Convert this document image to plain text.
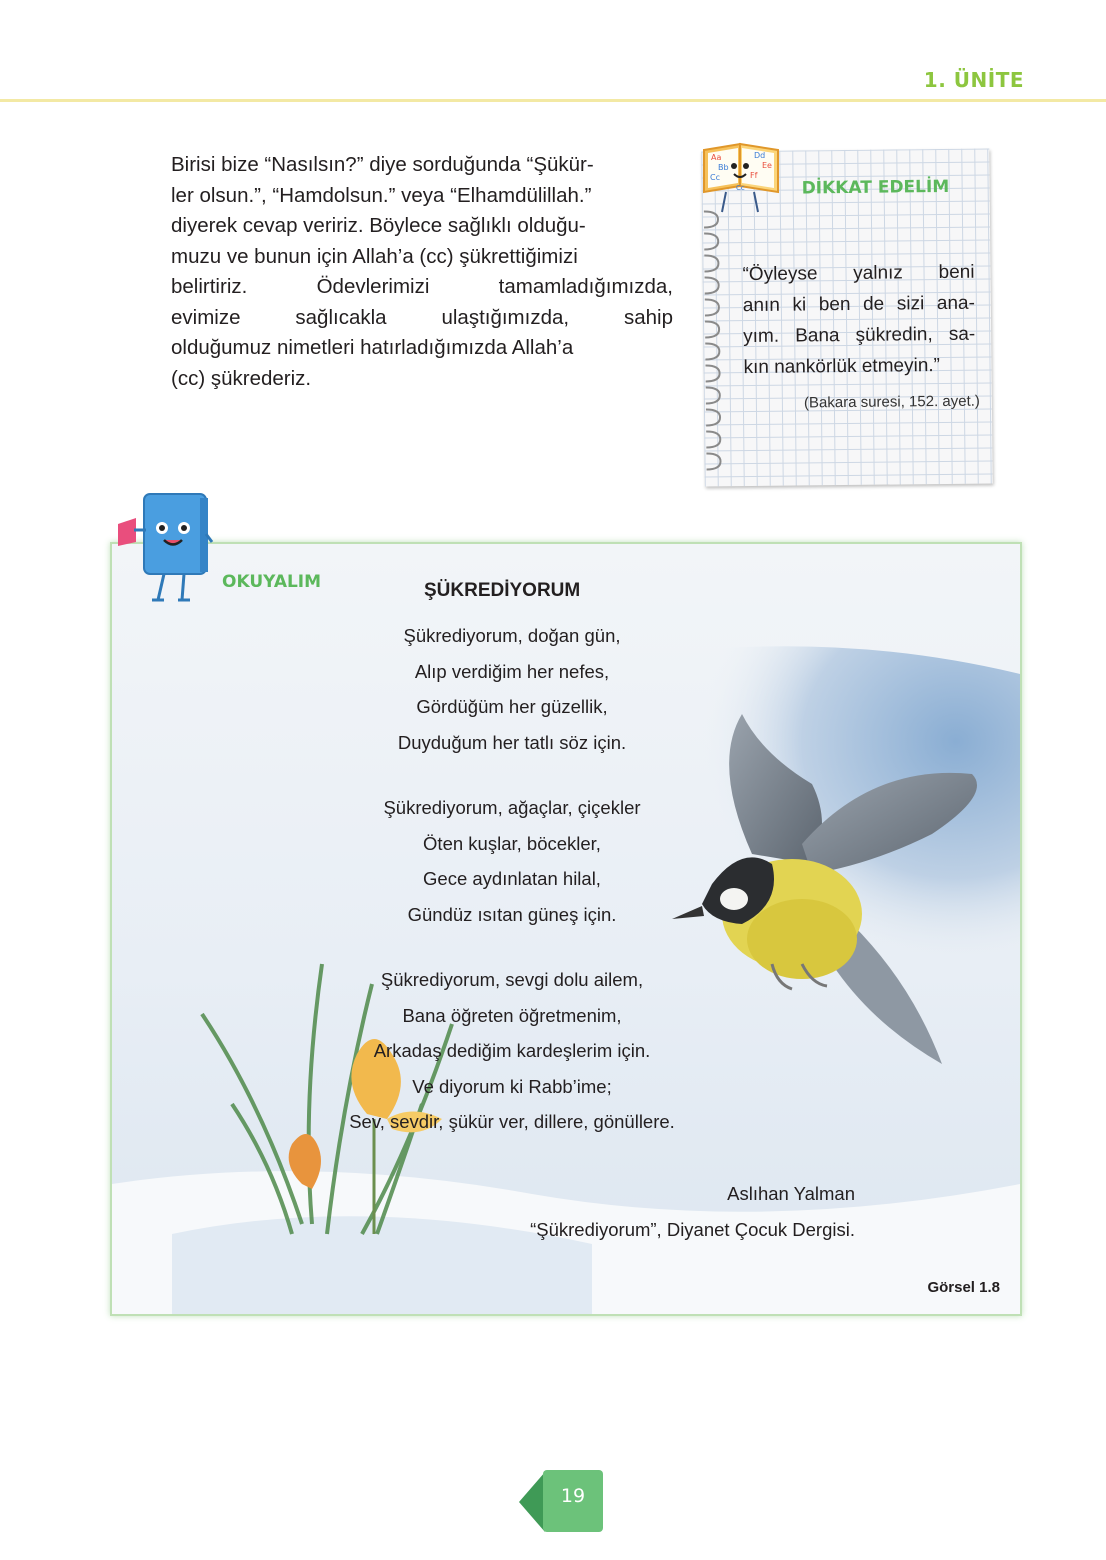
1. ÜNİTE
Birisi bize “Nasılsın?” diye sorduğunda “Şükür-
ler olsun.”, “Hamdolsun.” veya “Elhamdülillah.”
diyerek cevap veririz. Böylece sağlıklı olduğu-
muzu ve bunun için Allah’a (cc) şükrettiğimizi
belirtiriz. Ödevlerimizi tamamladığımızda,
evimize sağlıcakla ulaştığımızda, sahip
olduğumuz nimetleri hatırladığımızda Allah’a
(cc) şükrederiz.
DİKKAT EDELİM
“Öyleyse yalnız beni
anın ki ben de sizi ana-
yım. Bana şükredin, sa-
kın nankörlük etmeyin.”
(Bakara suresi, 152. ayet.)
Aa
Bb
Cc
Dd
Ee
Ff
Cc
OKUYALIM	ŞÜKREDİYORUM
Şükrediyorum, doğan gün,
Alıp verdiğim her nefes,
Gördüğüm her güzellik,
Duyduğum her tatlı söz için.
Şükrediyorum, ağaçlar, çiçekler
Öten kuşlar, böcekler,
Gece aydınlatan hilal,
Gündüz ısıtan güneş için.
Şükrediyorum, sevgi dolu ailem,
Bana öğreten öğretmenim,
Arkadaş dediğim kardeşlerim için.
Ve diyorum ki Rabb’ime;
Sev, sevdir, şükür ver, dillere, gönüllere.
Aslıhan Yalman
“Şükrediyorum”, Diyanet Çocuk Dergisi.
Görsel 1.8
19
